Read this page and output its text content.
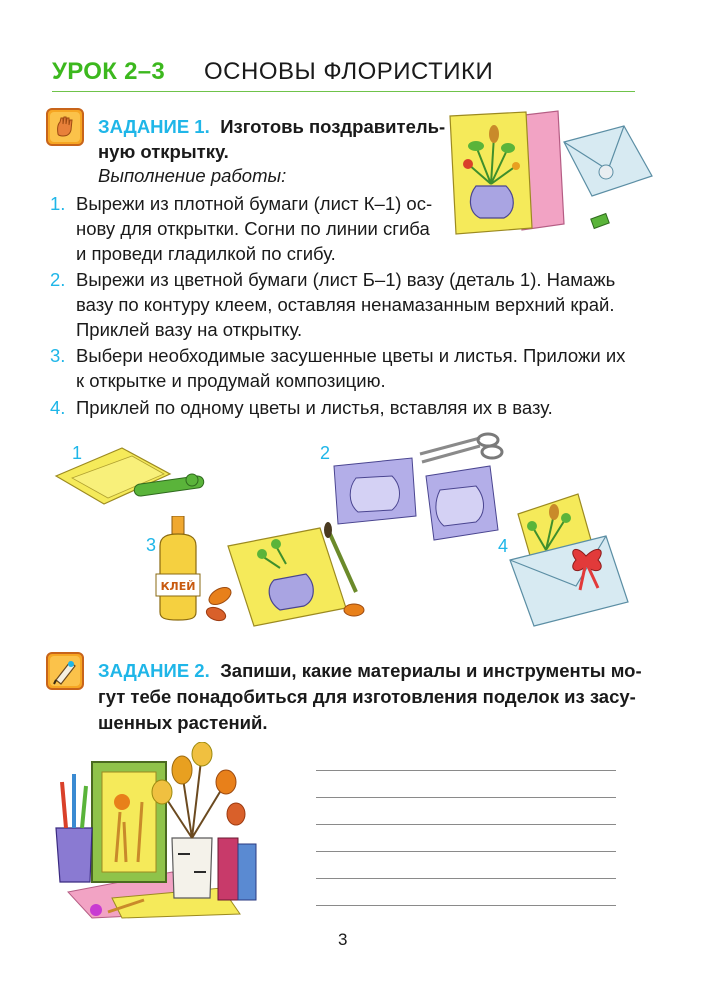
УРОК 2–3 ОСНОВЫ ФЛОРИСТИКИ
ЗАДАНИЕ 1. Изготовь поздравитель-
ную открытку.
Выполнение работы:
1. Вырежи из плотной бумаги (лист К–1) ос-
нову для открытки. Согни по линии сгиба
и проведи гладилкой по сгибу.
2. Вырежи из цветной бумаги (лист Б–1) вазу (деталь 1). Намажь
вазу по контуру клеем, оставляя ненамазанным верхний край.
Приклей вазу на открытку.
3. Выбери необходимые засушенные цветы и листья. Приложи их
к открытке и продумай композицию.
4. Приклей по одному цветы и листья, вставляя их в вазу.
1	2
3
КЛЕЙ
4
ЗАДАНИЕ 2. Запиши, какие материалы и инструменты мо-
гут тебе понадобиться для изготовления поделок из засу-
шенных растений.
3
